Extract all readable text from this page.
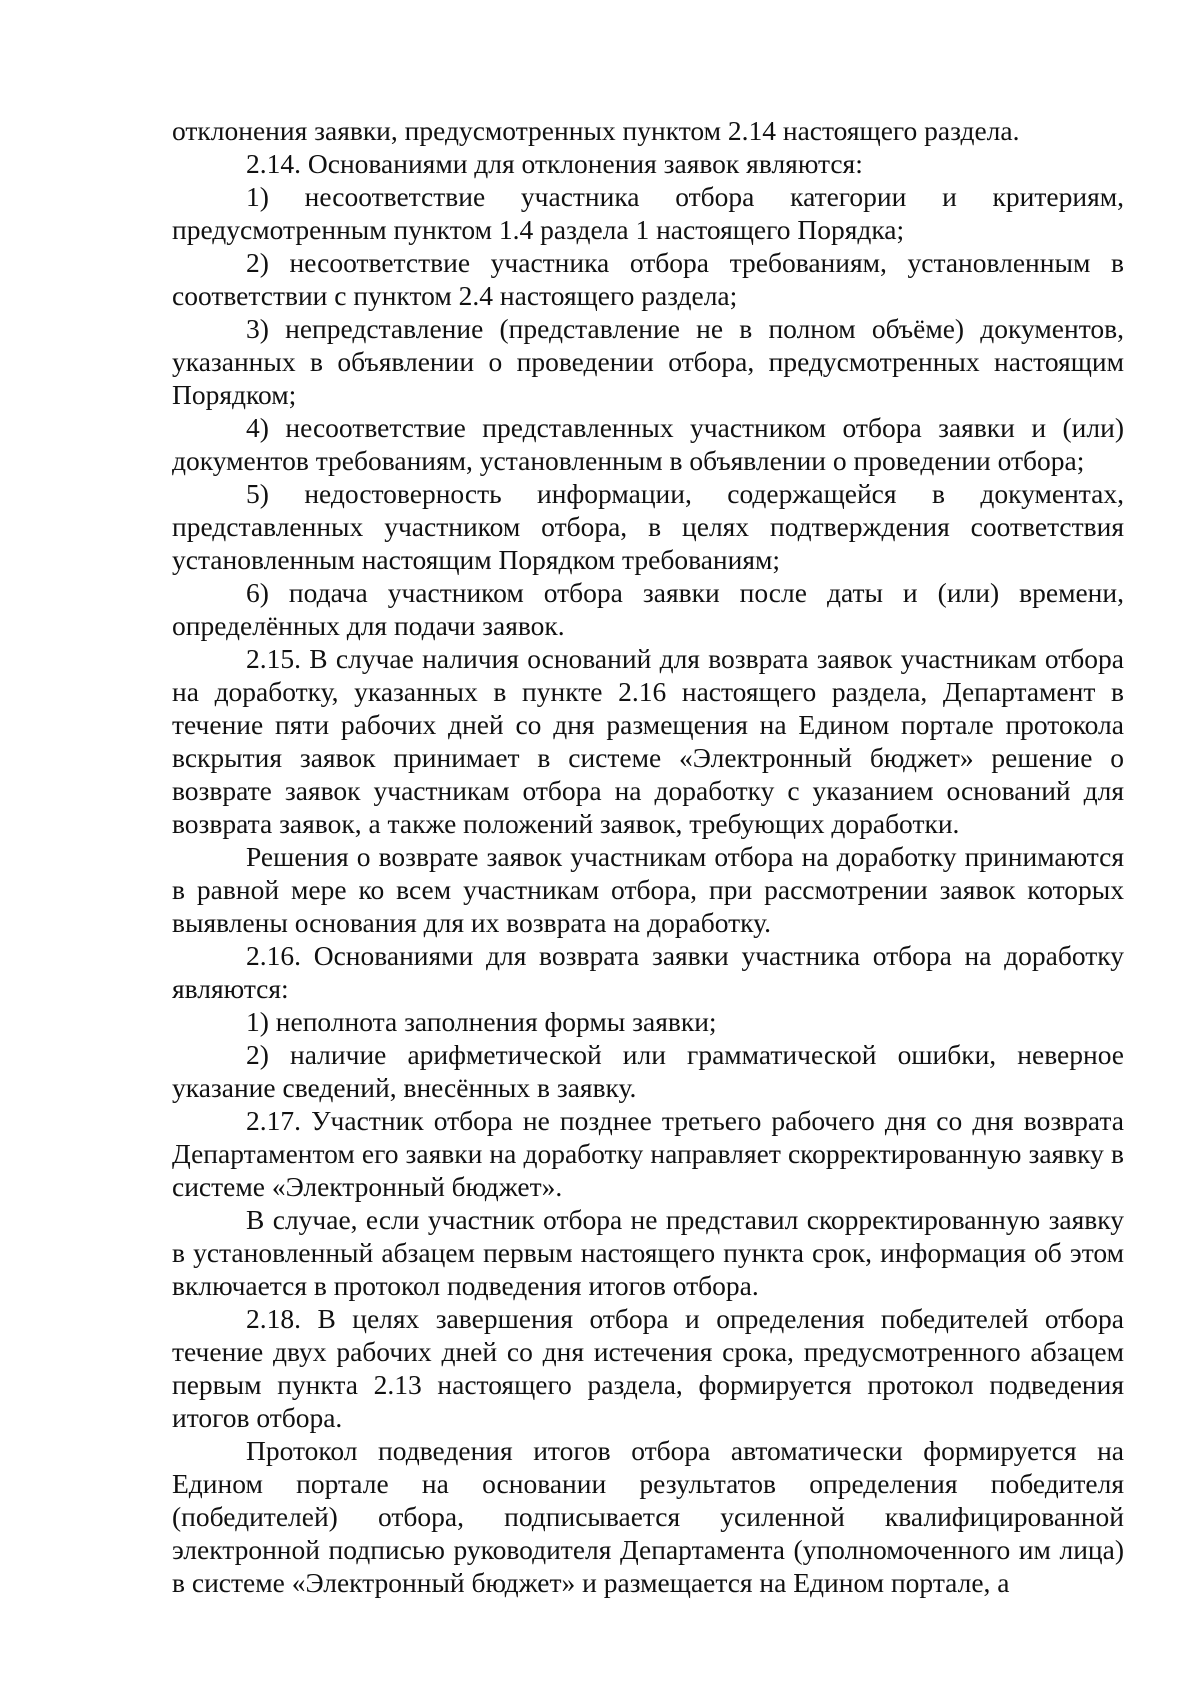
отклонения заявки, предусмотренных пунктом 2.14 настоящего раздела.

2.14. Основаниями для отклонения заявок являются:

1) несоответствие участника отбора категории и критериям, предусмотренным пунктом 1.4 раздела 1 настоящего Порядка;

2) несоответствие участника отбора требованиям, установленным в соответствии с пунктом 2.4 настоящего раздела;

3) непредставление (представление не в полном объёме) документов, указанных в объявлении о проведении отбора, предусмотренных настоящим Порядком;

4) несоответствие представленных участником отбора заявки и (или) документов требованиям, установленным в объявлении о проведении отбора;

5) недостоверность информации, содержащейся в документах, представленных участником отбора, в целях подтверждения соответствия установленным настоящим Порядком требованиям;

6) подача участником отбора заявки после даты и (или) времени, определённых для подачи заявок.

2.15. В случае наличия оснований для возврата заявок участникам отбора на доработку, указанных в пункте 2.16 настоящего раздела, Департамент в течение пяти рабочих дней со дня размещения на Едином портале протокола вскрытия заявок принимает в системе «Электронный бюджет» решение о возврате заявок участникам отбора на доработку с указанием оснований для возврата заявок, а также положений заявок, требующих доработки.

Решения о возврате заявок участникам отбора на доработку принимаются в равной мере ко всем участникам отбора, при рассмотрении заявок которых выявлены основания для их возврата на доработку.

2.16. Основаниями для возврата заявки участника отбора на доработку являются:

1) неполнота заполнения формы заявки;

2) наличие арифметической или грамматической ошибки, неверное указание сведений, внесённых в заявку.

2.17. Участник отбора не позднее третьего рабочего дня со дня возврата Департаментом его заявки на доработку направляет скорректированную заявку в системе «Электронный бюджет».

В случае, если участник отбора не представил скорректированную заявку в установленный абзацем первым настоящего пункта срок, информация об этом включается в протокол подведения итогов отбора.

2.18. В целях завершения отбора и определения победителей отбора течение двух рабочих дней со дня истечения срока, предусмотренного абзацем первым пункта 2.13 настоящего раздела, формируется протокол подведения итогов отбора.

Протокол подведения итогов отбора автоматически формируется на Едином портале на основании результатов определения победителя (победителей) отбора, подписывается усиленной квалифицированной электронной подписью руководителя Департамента (уполномоченного им лица) в системе «Электронный бюджет» и размещается на Едином портале, а
